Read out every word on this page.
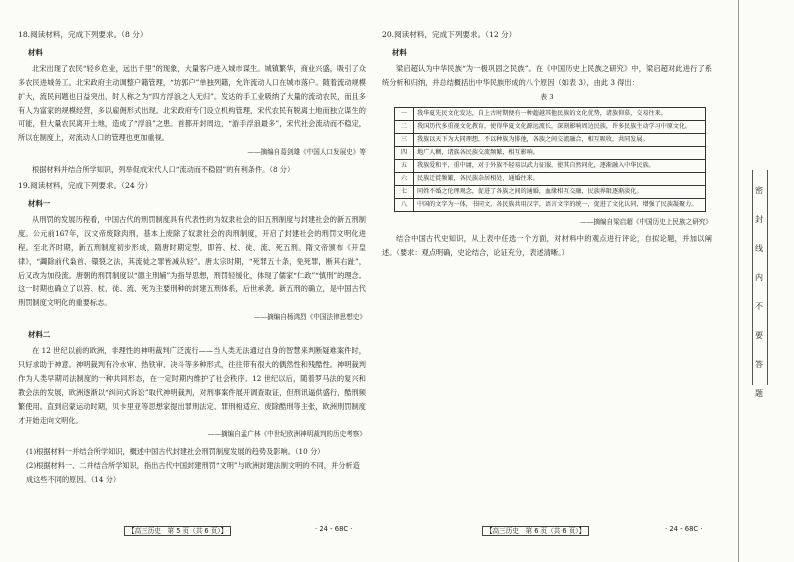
18.阅读材料，完成下列要求。（8 分）
材料
北宋出现了农民“轻乡危业，远出千里”的现象，大量客户进入城市谋生。城镇繁华，商业兴盛，吸引了众多农民进城务工。北宋政府主动调整户籍管理，“坊郭户”单独列籍，允许流动人口在城市落户。随着流动规模扩大，流民问题也日益突出，时人称之为“四方浮浪之人无归”。发达的手工业吸纳了大量的流动农民，而且多有人为富家的规模经营，多以雇佣形式出现。北宋政府专门设立机构管理，宋代农民有脱离土地而独立谋生的可能，但大量农民离开土地，造成了“浮浪”之患。首都开封周边，“游手浮浪最多”，宋代社会流动而不稳定，所以在制度上，对流动人口的管理也更加重视。
——摘编自葛剑雄《中国人口发展史》等
根据材料并结合所学知识，列举促成宋代人口“流动而不稳固”的有利条件。（8 分）
19.阅读材料，完成下列要求。（24 分）
材料一
从刑罚的发展历程看，中国古代的刑罚制度具有代表性的为奴隶社会的旧五刑制度与封建社会的新五刑制度。公元前167年，汉文帝废除肉刑，基本上废除了奴隶社会的肉刑制度，开启了封建社会的刑罚文明化进程。至北齐时期，新五刑制度初步形成，隋唐时期定型，即笞、杖、徒、流、死五刑。隋文帝颁布《开皇律》，“蠲除前代枭首、镮裂之法，其流徒之罪皆减从轻”。唐太宗时期，“死罪五十条，免死罪，断其右趾”，后又改为加役流。唐朝的刑罚制度以“德主刑辅”为指导思想，刑罚轻缓化，体现了儒家“仁政”“慎刑”的理念。这一时期也确立了以笞、杖、徒、流、死为主要刑种的封建五刑体系，后世承袭。新五刑的确立，是中国古代刑罚制度文明化的重要标志。
——摘编自杨鸿烈《中国法律思想史》
材料二
在 12 世纪以前的欧洲，非理性的神明裁判广泛流行——当人类无法通过自身的智慧来判断疑难案件时，只好求助于神意。神明裁判有冷水审、热铁审、决斗等多种形式，往往带有很大的偶然性和残酷性。神明裁判作为人类早期司法制度的一种共同形态，在一定时期内维护了社会秩序。12 世纪以后，随着罗马法的复兴和教会法的发展，欧洲逐渐以“纠问式诉讼”取代神明裁判，对刑事案件展开调查取证，但刑讯逼供盛行，酷刑频繁使用。直到启蒙运动时期，贝卡里亚等思想家提出罪刑法定、罪刑相适应、废除酷刑等主张，欧洲刑罚制度才开始走向文明化。
——摘编自孟广林《中世纪欧洲神明裁判的历史考察》
(1)根据材料一并结合所学知识，概述中国古代封建社会刑罚制度发展的趋势及影响。（10 分）
(2)根据材料一、二并结合所学知识，指出古代中国封建刑罚“文明”与欧洲封建法制文明的不同，并分析造成这些不同的原因。（14 分）
20.阅读材料，完成下列要求。（12 分）
材料
梁启超认为中华民族“为一极巩固之民族”。在《中国历史上民族之研究》中，梁启超对此进行了系统分析和归纳，并总结概括出中华民族形成的八个原因（如表 3），由此 3 得出：
表 3
一	我华夏先民文化发达，自上古时期便有一种超越其他民族的文化优势，诸族仰慕，交易往来。
二	我国历代多重视文化教育，使得华夏文化源远流长，深刻影响周边民族，许多民族主动学习中原文化。
三	我族以天下为大同理想，不以种族为排他，各族之间交流融合，相互吸收，共同发展。
四	地广人稠，诸族各民族交流频繁，相互影响。
五	我族爱和平，重中庸，对于外族不轻易以武力征服，使其自然同化，逐渐融入中华民族。
六	民族迁徙频繁，各民族杂居相处，通婚往来。
七	同姓不婚之伦理观念，促进了各族之间的通婚，血缘相互交融，民族界限逐渐淡化。
八	中国的文字为一体，书同文，各民族共用汉字，语言文字的统一，促进了文化认同，增强了民族凝聚力。
——摘编自梁启超《中国历史上民族之研究》
结合中国古代史知识，从上表中任选一个方面，对材料中的观点进行评论，自拟论题，并加以阐述。（要求：观点明确，史论结合，论证充分，表述清晰。）
【高三历史　第 5 页（共 6 页）】	· 24 - 68C ·	【高三历史　第 6 页（共 6 页）】	· 24 - 68C ·
密
封
线
内
不
要
答
题
